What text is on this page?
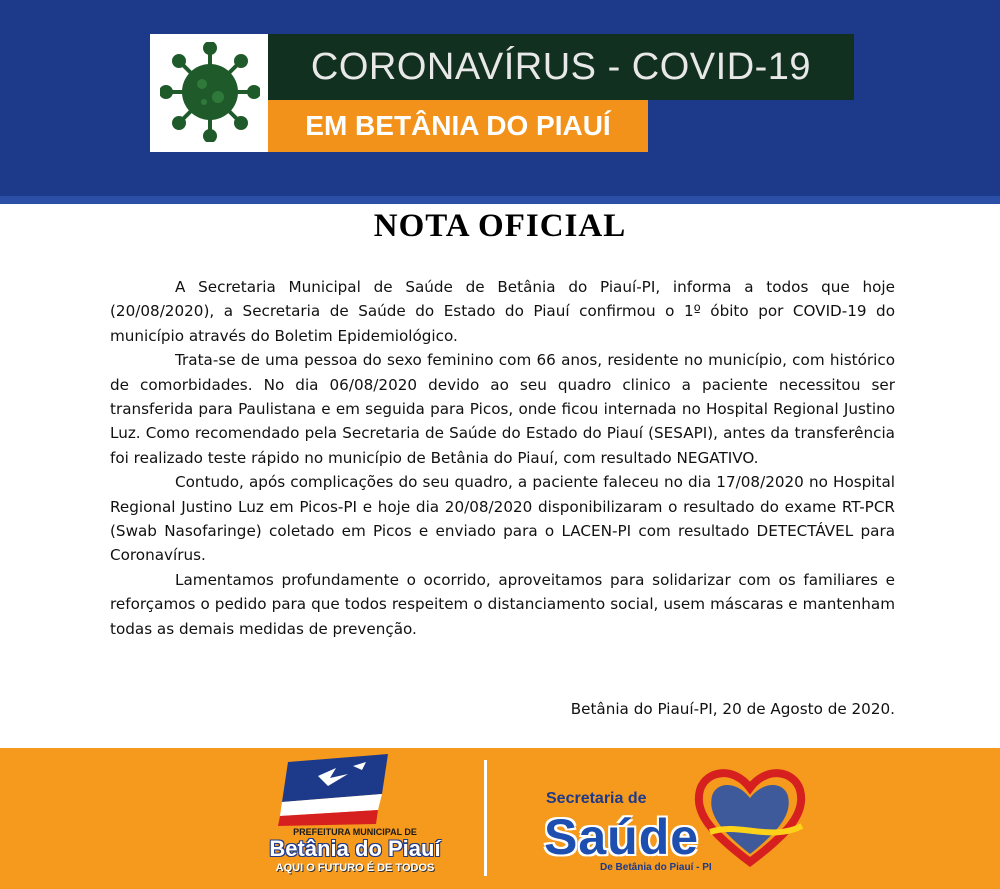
CORONAVÍRUS - COVID-19
EM BETÂNIA DO PIAUÍ
NOTA OFICIAL

A Secretaria Municipal de Saúde de Betânia do Piauí-PI, informa a todos que hoje (20/08/2020), a Secretaria de Saúde do Estado do Piauí confirmou o 1º óbito por COVID-19 do município através do Boletim Epidemiológico.

Trata-se de uma pessoa do sexo feminino com 66 anos, residente no município, com histórico de comorbidades. No dia 06/08/2020 devido ao seu quadro clinico a paciente necessitou ser transferida para Paulistana e em seguida para Picos, onde ficou internada no Hospital Regional Justino Luz. Como recomendado pela Secretaria de Saúde do Estado do Piauí (SESAPI), antes da transferência foi realizado teste rápido no município de Betânia do Piauí, com resultado NEGATIVO.

Contudo, após complicações do seu quadro, a paciente faleceu no dia 17/08/2020 no Hospital Regional Justino Luz em Picos-PI e hoje dia 20/08/2020 disponibilizaram o resultado do exame RT-PCR (Swab Nasofaringe) coletado em Picos e enviado para o LACEN-PI com resultado DETECTÁVEL para Coronavírus.

Lamentamos profundamente o ocorrido, aproveitamos para solidarizar com os familiares e reforçamos o pedido para que todos respeitem o distanciamento social, usem máscaras e mantenham todas as demais medidas de prevenção.

Betânia do Piauí-PI, 20 de Agosto de 2020.
PREFEITURA MUNICIPAL DE
Betânia do Piauí
AQUI O FUTURO É DE TODOS
Secretaria de
Saúde
De Betânia do Piauí - PI
